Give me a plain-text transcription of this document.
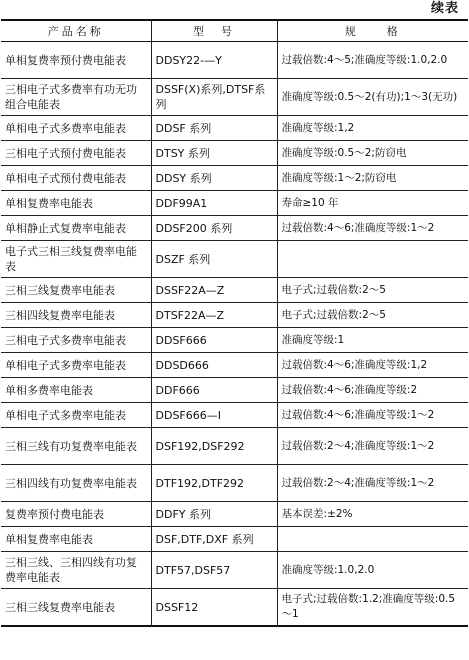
续表
产品名称	型　号	规　　格
单相复费率预付费电能表	DDSY22-—Y	过载倍数:4～5;准确度等级:1.0,2.0
三相电子式多费率有功无功组合电能表	DSSF(X)系列,DTSF系列	准确度等级:0.5～2(有功);1～3(无功)
单相电子式多费率电能表	DDSF 系列	准确度等级:1,2
三相电子式预付费电能表	DTSY 系列	准确度等级:0.5～2;防窃电
单相电子式预付费电能表	DDSY 系列	准确度等级:1～2;防窃电
单相复费率电能表	DDF99A1	寿命≥10 年
单相静止式复费率电能表	DDSF200 系列	过载倍数:4～6;准确度等级:1～2
电子式三相三线复费率电能表	DSZF 系列	
三相三线复费率电能表	DSSF22A—Z	电子式;过载倍数:2～5
三相四线复费率电能表	DTSF22A—Z	电子式;过载倍数:2～5
三相电子式多费率电能表	DDSF666	准确度等级:1
单相电子式多费率电能表	DDSD666	过载倍数:4～6;准确度等级:1,2
单相多费率电能表	DDF666	过载倍数:4～6;准确度等级:2
单相电子式多费率电能表	DDSF666—I	过载倍数:4～6;准确度等级:1～2
三相三线有功复费率电能表	DSF192,DSF292	过载倍数:2～4;准确度等级:1～2
三相四线有功复费率电能表	DTF192,DTF292	过载倍数:2～4;准确度等级:1～2
复费率预付费电能表	DDFY 系列	基本误差:±2%
单相复费率电能表	DSF,DTF,DXF 系列	
三相三线、三相四线有功复费率电能表	DTF57,DSF57	准确度等级:1.0,2.0
三相三线复费率电能表	DSSF12	电子式;过载倍数:1.2;准确度等级:0.5～1
